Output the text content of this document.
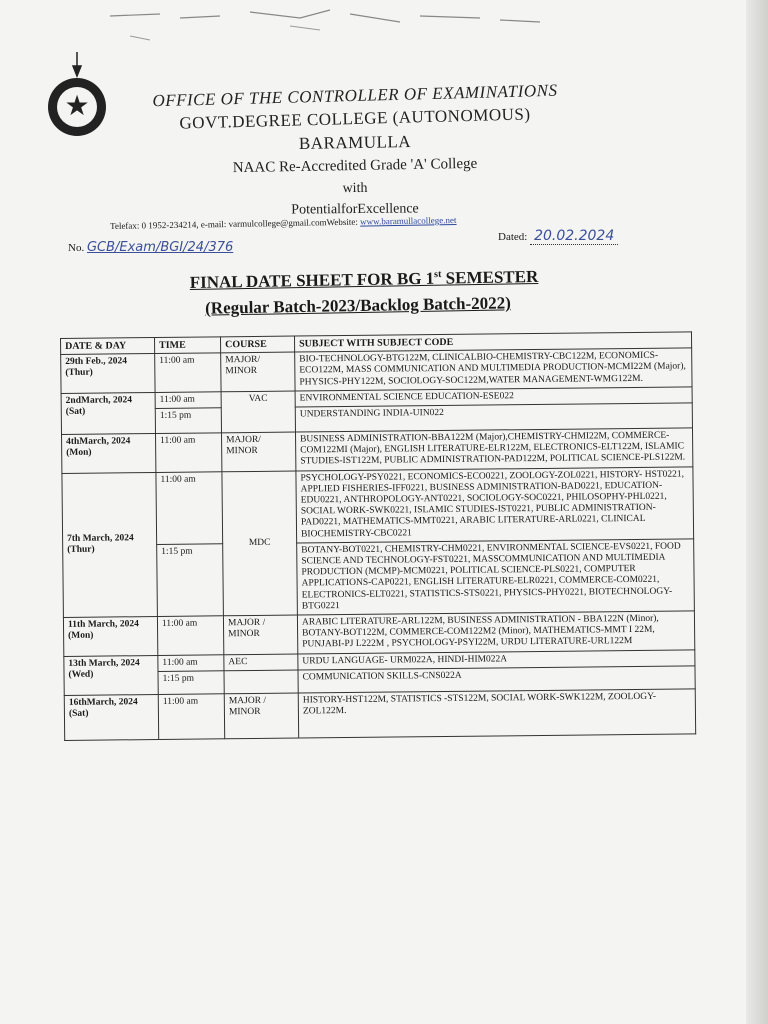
★	OFFICE OF THE CONTROLLER OF EXAMINATIONS
GOVT.DEGREE COLLEGE (AUTONOMOUS)
BARAMULLA
NAAC Re-Accredited Grade 'A' College
with
PotentialforExcellence
Telefax: 0 1952-234214, e-mail: varmulcollege@gmail.comWebsite: www.baramullacollege.net
No. GCB/Exam/BGI/24/376
Dated: 20.02.2024
FINAL DATE SHEET FOR BG 1st SEMESTER
(Regular Batch-2023/Backlog Batch-2022)
DATE & DAY	TIME	COURSE	SUBJECT WITH SUBJECT CODE
29th Feb., 2024 (Thur)	11:00 am	MAJOR/ MINOR	BIO-TECHNOLOGY-BTG122M, CLINICALBIO-CHEMISTRY-CBC122M, ECONOMICS-ECO122M, MASS COMMUNICATION AND MULTIMEDIA PRODUCTION-MCMI22M (Major), PHYSICS-PHY122M, SOCIOLOGY-SOC122M,WATER MANAGEMENT-WMG122M.
2ndMarch, 2024 (Sat)	11:00 am	VAC	ENVIRONMENTAL SCIENCE EDUCATION-ESE022
	1:15 pm		UNDERSTANDING INDIA-UIN022
4thMarch, 2024 (Mon)	11:00 am	MAJOR/ MINOR	BUSINESS ADMINISTRATION-BBA122M (Major),CHEMISTRY-CHMI22M, COMMERCE-COM122MI (Major), ENGLISH LITERATURE-ELR122M, ELECTRONICS-ELT122M, ISLAMIC STUDIES-IST122M, PUBLIC ADMINISTRATION-PAD122M, POLITICAL SCIENCE-PLS122M.
7th March, 2024 (Thur)	11:00 am	MDC	PSYCHOLOGY-PSY0221, ECONOMICS-ECO0221, ZOOLOGY-ZOL0221, HISTORY- HST0221, APPLIED FISHERIES-IFF0221, BUSINESS ADMINISTRATION-BAD0221, EDUCATION-EDU0221, ANTHROPOLOGY-ANT0221, SOCIOLOGY-SOC0221, PHILOSOPHY-PHL0221, SOCIAL WORK-SWK0221, ISLAMIC STUDIES-IST0221, PUBLIC ADMINISTRATION-PAD0221, MATHEMATICS-MMT0221, ARABIC LITERATURE-ARL0221, CLINICAL BIOCHEMISTRY-CBC0221
	1:15 pm		BOTANY-BOT0221, CHEMISTRY-CHM0221, ENVIRONMENTAL SCIENCE-EVS0221, FOOD SCIENCE AND TECHNOLOGY-FST0221, MASSCOMMUNICATION AND MULTIMEDIA PRODUCTION (MCMP)-MCM0221, POLITICAL SCIENCE-PLS0221, COMPUTER APPLICATIONS-CAP0221, ENGLISH LITERATURE-ELR0221, COMMERCE-COM0221, ELECTRONICS-ELT0221, STATISTICS-STS0221, PHYSICS-PHY0221, BIOTECHNOLOGY-BTG0221
11th March, 2024 (Mon)	11:00 am	MAJOR / MINOR	ARABIC LITERATURE-ARL122M, BUSINESS ADMINISTRATION - BBA122N (Minor), BOTANY-BOT122M, COMMERCE-COM122M2 (Minor), MATHEMATICS-MMT I 22M, PUNJABI-PJ L222M , PSYCHOLOGY-PSYI22M, URDU LITERATURE-URL122M
13th March, 2024 (Wed)	11:00 am	AEC	URDU LANGUAGE- URM022A, HINDI-HIM022A
	1:15 pm		COMMUNICATION SKILLS-CNS022A
16thMarch, 2024 (Sat)	11:00 am	MAJOR / MINOR	HISTORY-HST122M, STATISTICS -STS122M, SOCIAL WORK-SWK122M, ZOOLOGY-ZOL122M.
